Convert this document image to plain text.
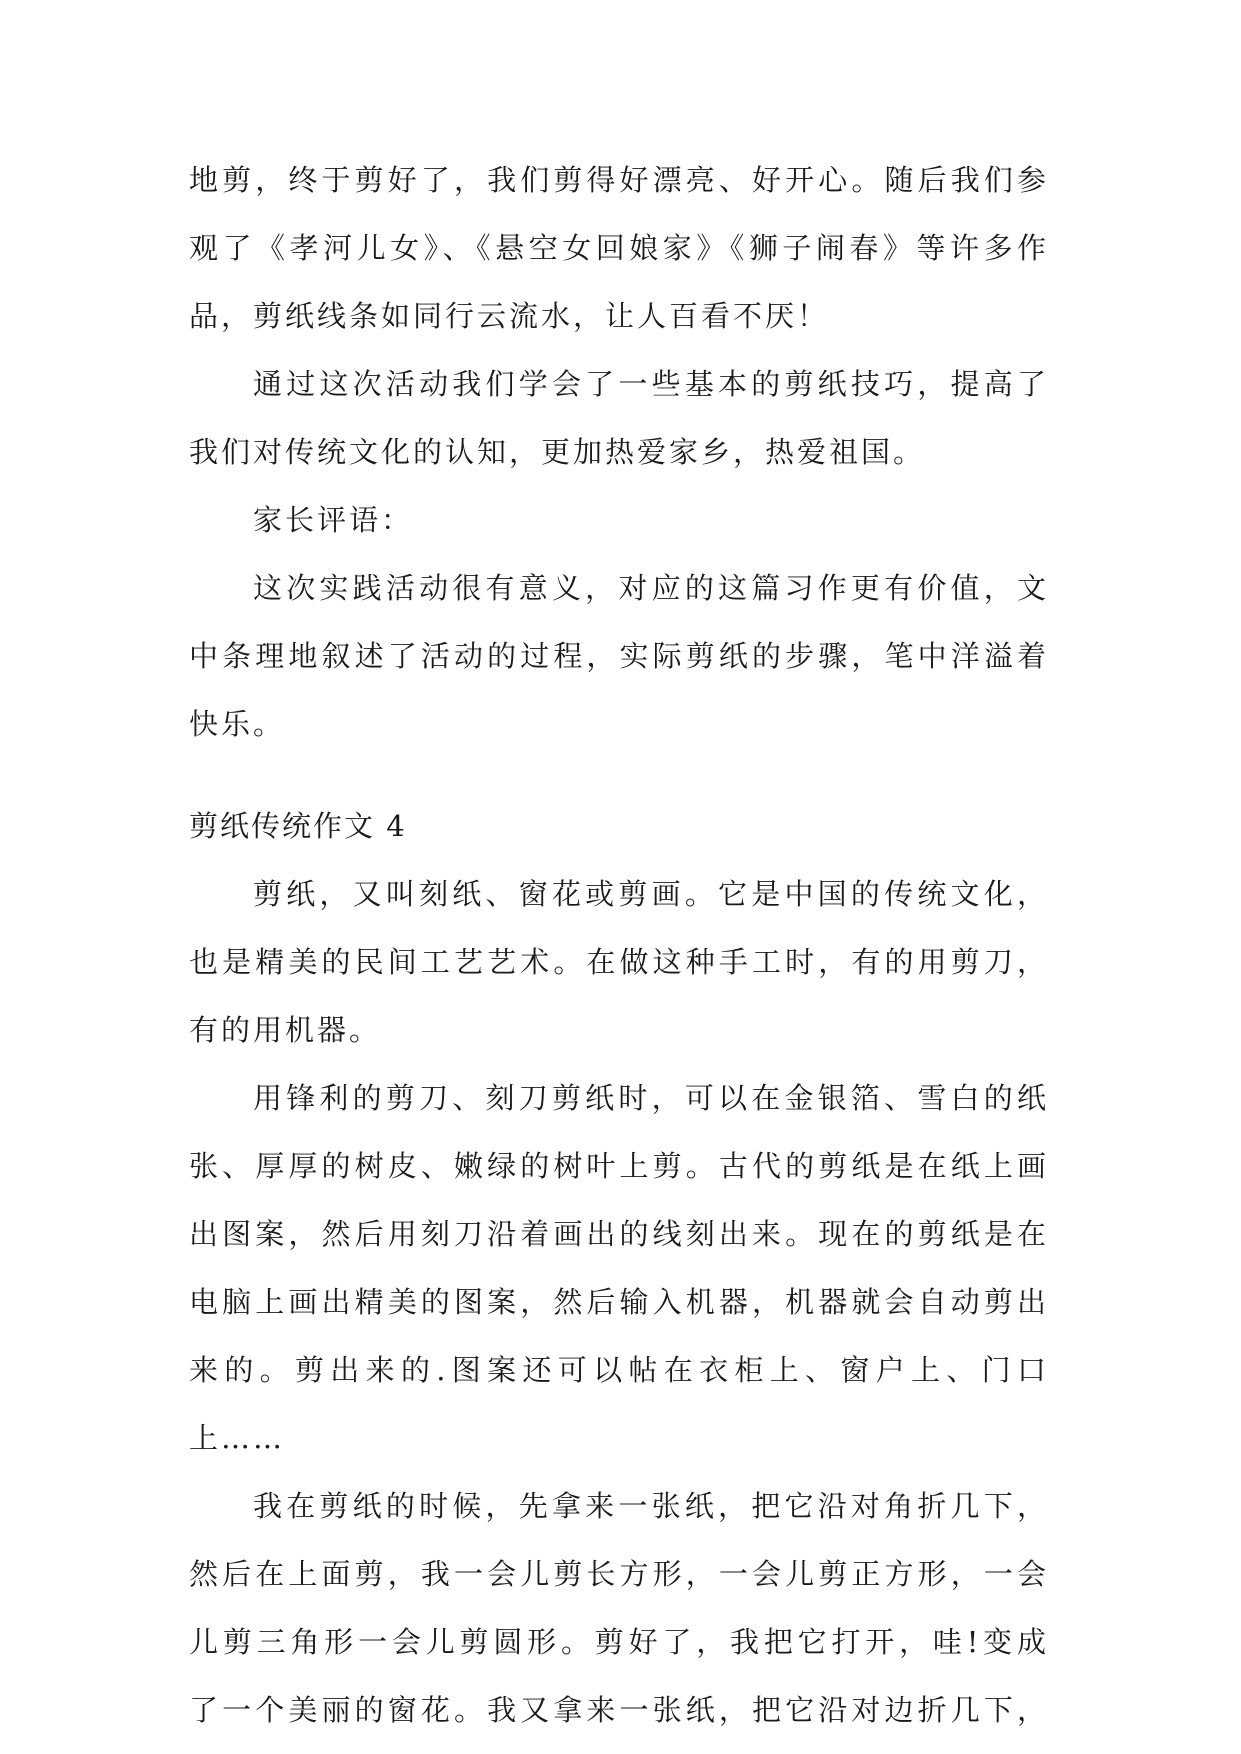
地剪，终于剪好了，我们剪得好漂亮、好开心。随后我们参
观了《孝河儿女》、《悬空女回娘家》《狮子闹春》等许多作
品，剪纸线条如同行云流水，让人百看不厌！
通过这次活动我们学会了一些基本的剪纸技巧，提高了
我们对传统文化的认知，更加热爱家乡，热爱祖国。
家长评语：
这次实践活动很有意义，对应的这篇习作更有价值，文
中条理地叙述了活动的过程，实际剪纸的步骤，笔中洋溢着
快乐。
剪纸传统作文 4
剪纸，又叫刻纸、窗花或剪画。它是中国的传统文化，
也是精美的民间工艺艺术。在做这种手工时，有的用剪刀，
有的用机器。
用锋利的剪刀、刻刀剪纸时，可以在金银箔、雪白的纸
张、厚厚的树皮、嫩绿的树叶上剪。古代的剪纸是在纸上画
出图案，然后用刻刀沿着画出的线刻出来。现在的剪纸是在
电脑上画出精美的图案，然后输入机器，机器就会自动剪出
来的。剪出来的.图案还可以帖在衣柜上、窗户上、门口
上……
我在剪纸的时候，先拿来一张纸，把它沿对角折几下，
然后在上面剪，我一会儿剪长方形，一会儿剪正方形，一会
儿剪三角形一会儿剪圆形。剪好了，我把它打开，哇!变成
了一个美丽的窗花。我又拿来一张纸，把它沿对边折几下，
